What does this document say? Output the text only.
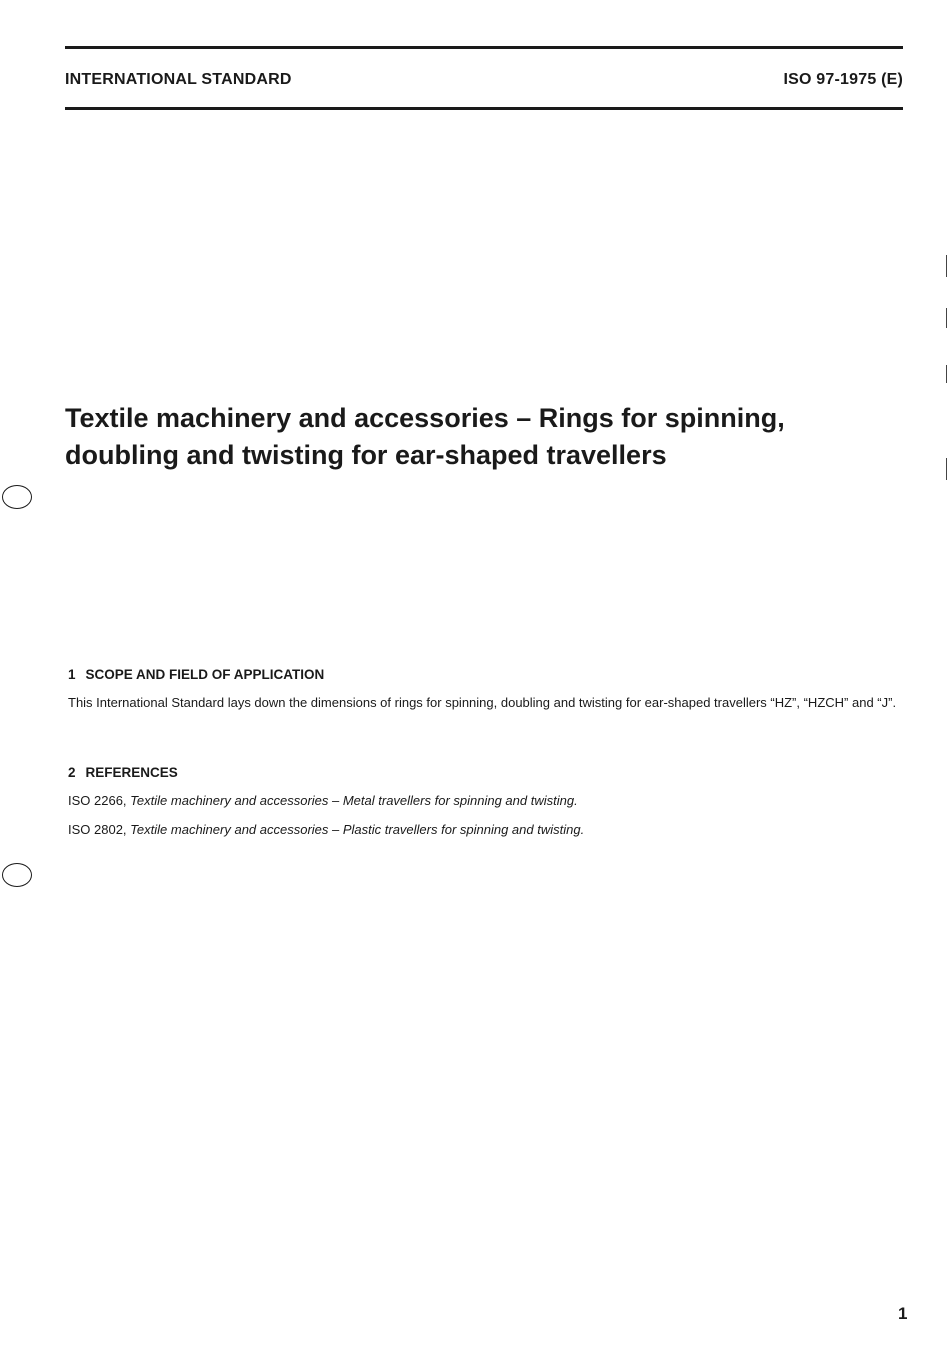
INTERNATIONAL STANDARD	ISO 97-1975 (E)
Textile machinery and accessories – Rings for spinning,
doubling and twisting for ear-shaped travellers
1 SCOPE AND FIELD OF APPLICATION

This International Standard lays down the dimensions of rings for spinning, doubling and twisting for ear-shaped travellers “HZ”, “HZCH” and “J”.

2 REFERENCES

ISO 2266, Textile machinery and accessories – Metal travellers for spinning and twisting.

ISO 2802, Textile machinery and accessories – Plastic travellers for spinning and twisting.

1
